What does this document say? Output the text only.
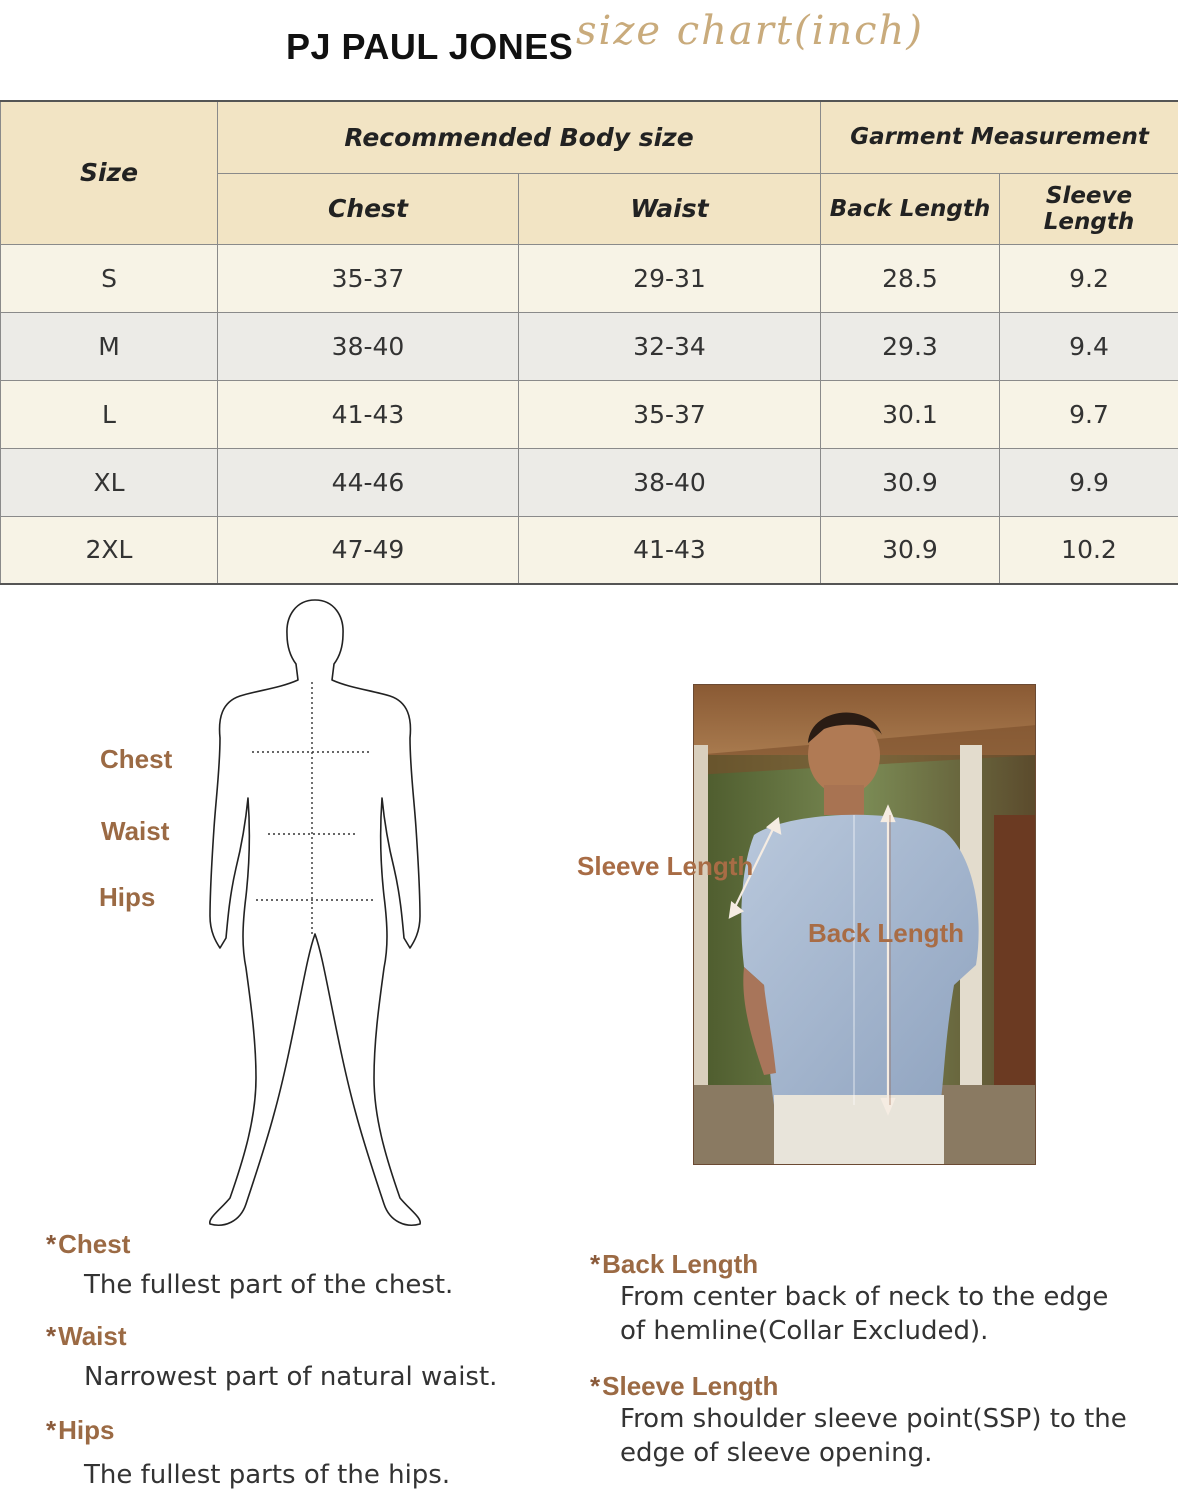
PJ PAUL JONES size chart(inch)
Size	Recommended Body size		Garment Measurement	
	Chest	Waist	Back Length	Sleeve Length
S	35-37	29-31	28.5	9.2
M	38-40	32-34	29.3	9.4
L	41-43	35-37	30.1	9.7
XL	44-46	38-40	30.9	9.9
2XL	47-49	41-43	30.9	10.2
Chest
Waist
Hips
Sleeve Length
Back Length
*Chest
The fullest part of the chest.
*Waist
Narrowest part of natural waist.
*Hips
The fullest parts of the hips.
*Back Length
From center back of neck to the edge
of hemline(Collar Excluded).
*Sleeve Length
From shoulder sleeve point(SSP) to the
edge of sleeve opening.
